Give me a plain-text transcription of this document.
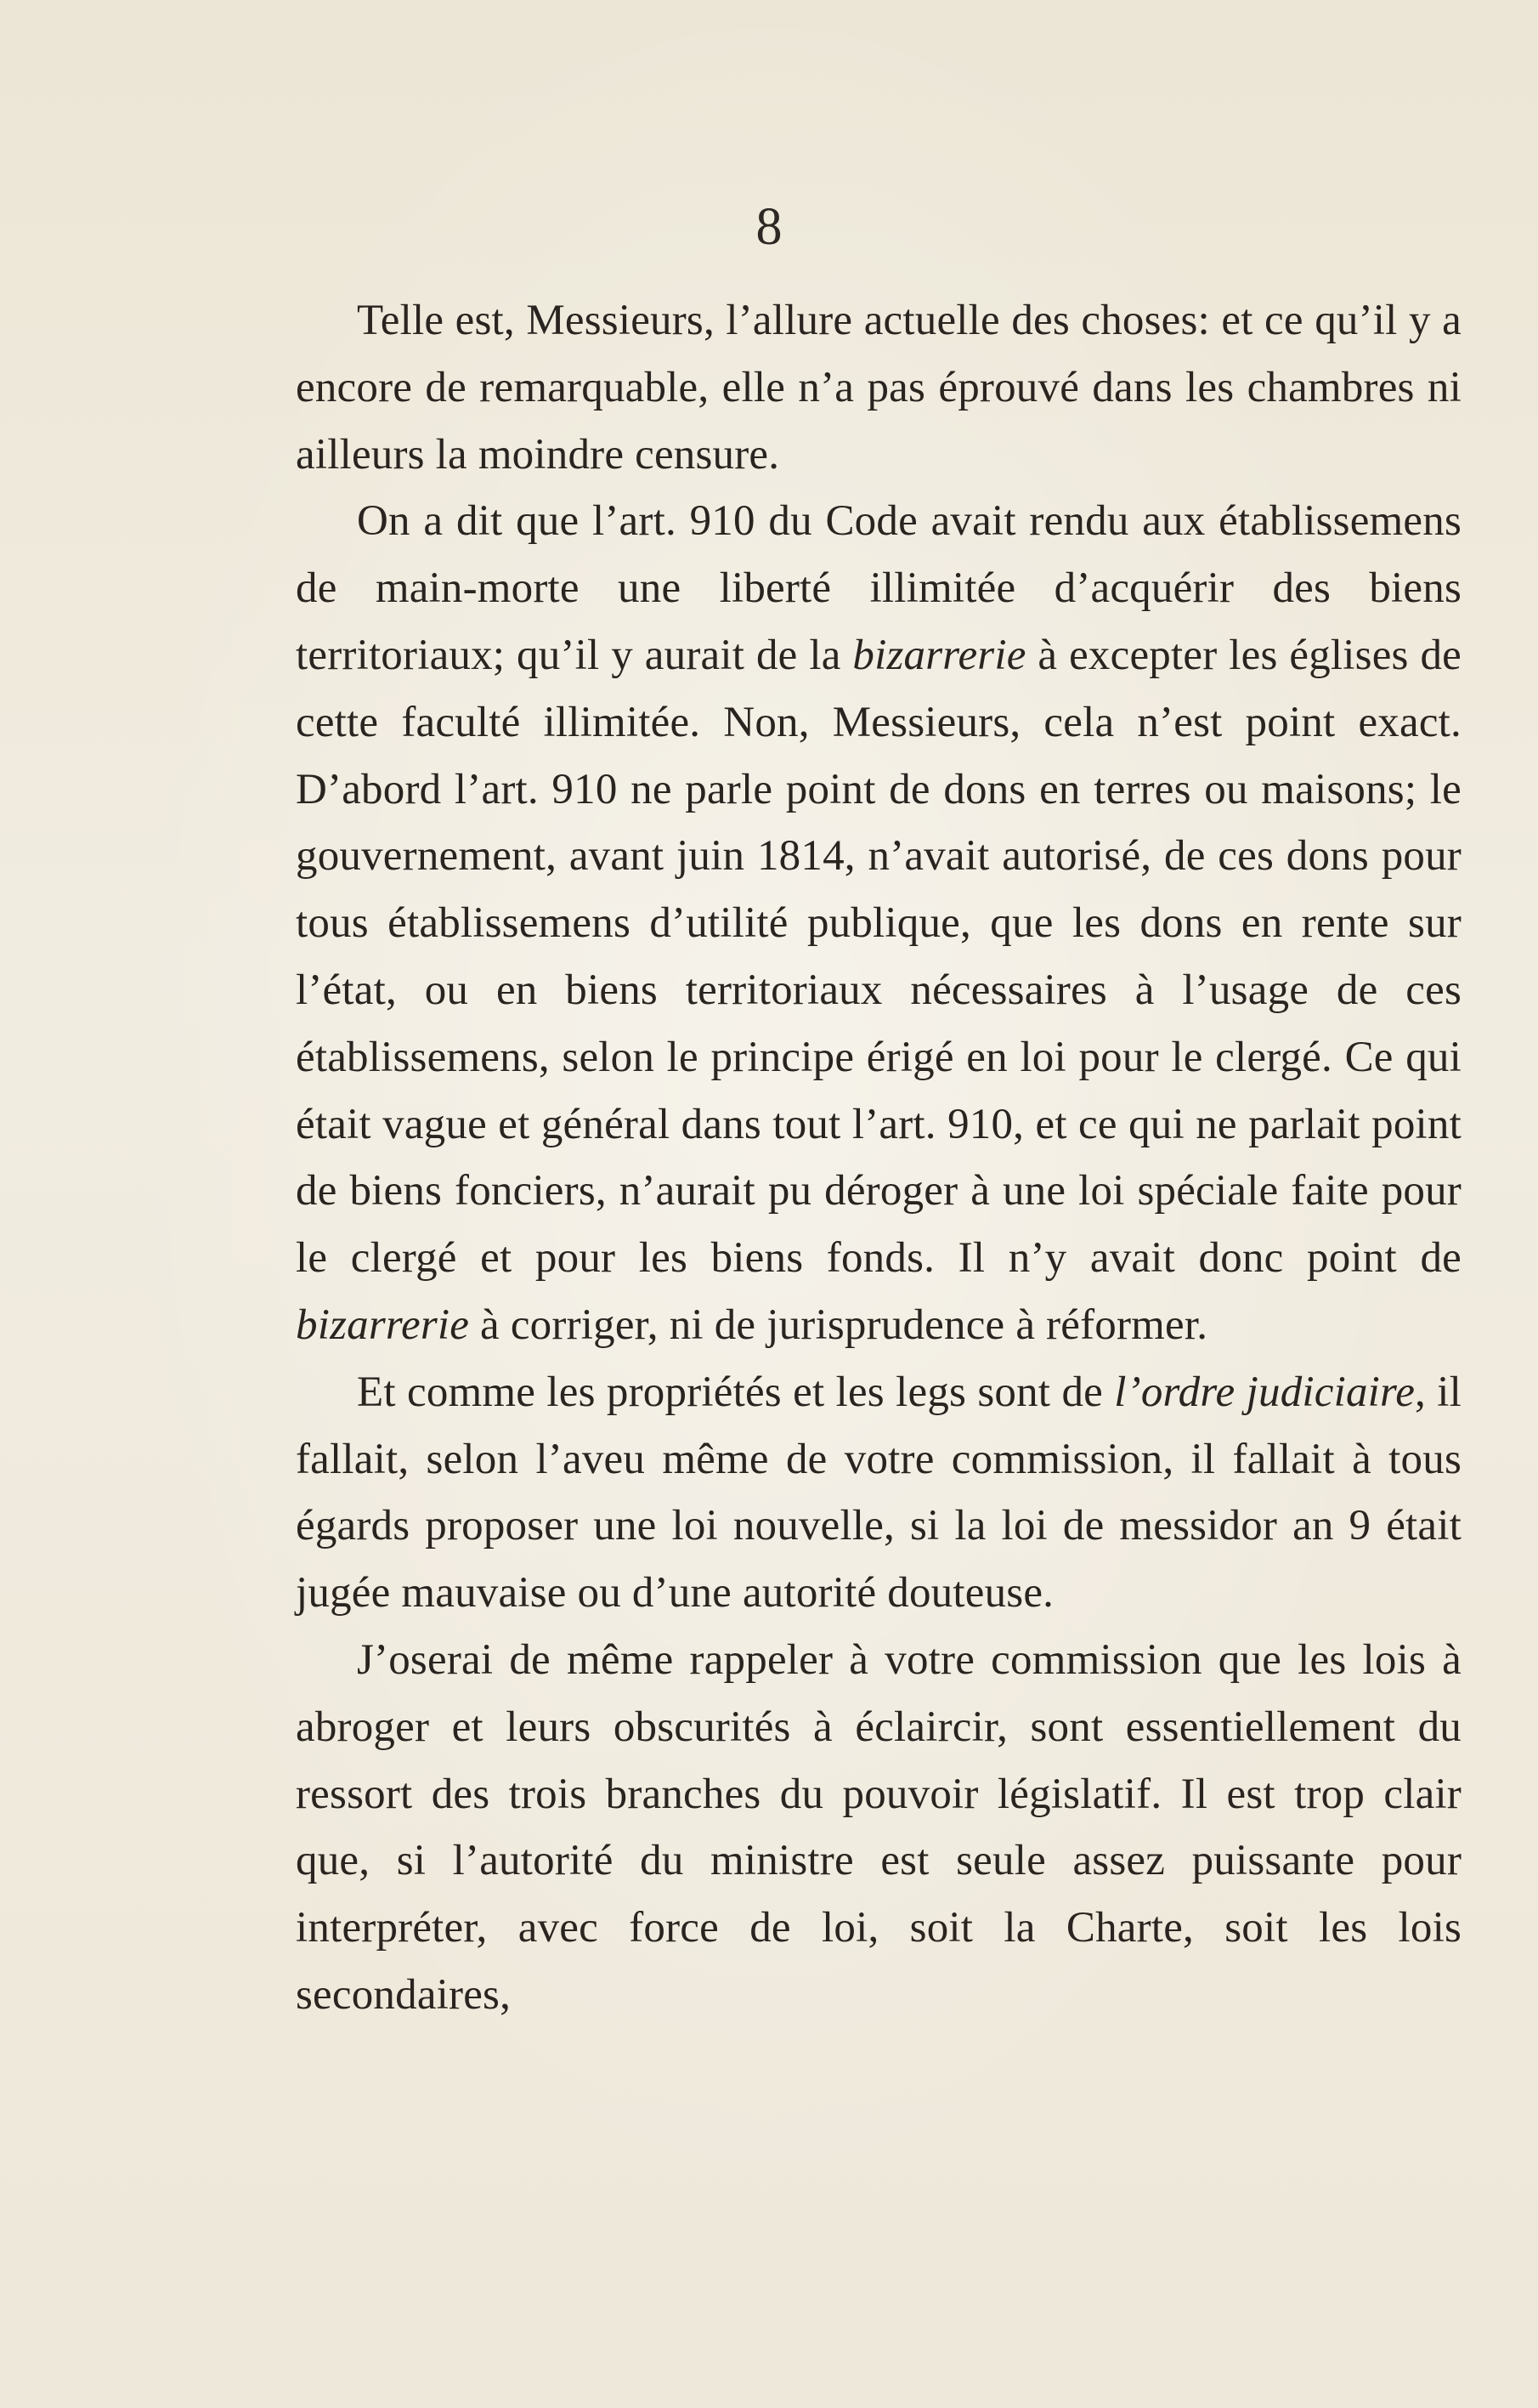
8

Telle est, Messieurs, l’allure actuelle des choses: et ce qu’il y a encore de remarquable, elle n’a pas éprouvé dans les chambres ni ailleurs la moindre censure.

On a dit que l’art. 910 du Code avait rendu aux établissemens de main-morte une liberté illimitée d’acquérir des biens territoriaux; qu’il y aurait de la bizarrerie à excepter les églises de cette faculté illimitée. Non, Messieurs, cela n’est point exact. D’abord l’art. 910 ne parle point de dons en terres ou maisons; le gouvernement, avant juin 1814, n’avait autorisé, de ces dons pour tous établissemens d’utilité publique, que les dons en rente sur l’état, ou en biens territoriaux nécessaires à l’usage de ces établissemens, selon le principe érigé en loi pour le clergé. Ce qui était vague et général dans tout l’art. 910, et ce qui ne parlait point de biens fonciers, n’aurait pu déroger à une loi spéciale faite pour le clergé et pour les biens fonds. Il n’y avait donc point de bizarrerie à corriger, ni de jurisprudence à réformer.

Et comme les propriétés et les legs sont de l’ordre judiciaire, il fallait, selon l’aveu même de votre commission, il fallait à tous égards proposer une loi nouvelle, si la loi de messidor an 9 était jugée mauvaise ou d’une autorité douteuse.

J’oserai de même rappeler à votre commission que les lois à abroger et leurs obscurités à éclaircir, sont essentiellement du ressort des trois branches du pouvoir législatif. Il est trop clair que, si l’autorité du ministre est seule assez puissante pour interpréter, avec force de loi, soit la Charte, soit les lois secondaires,
